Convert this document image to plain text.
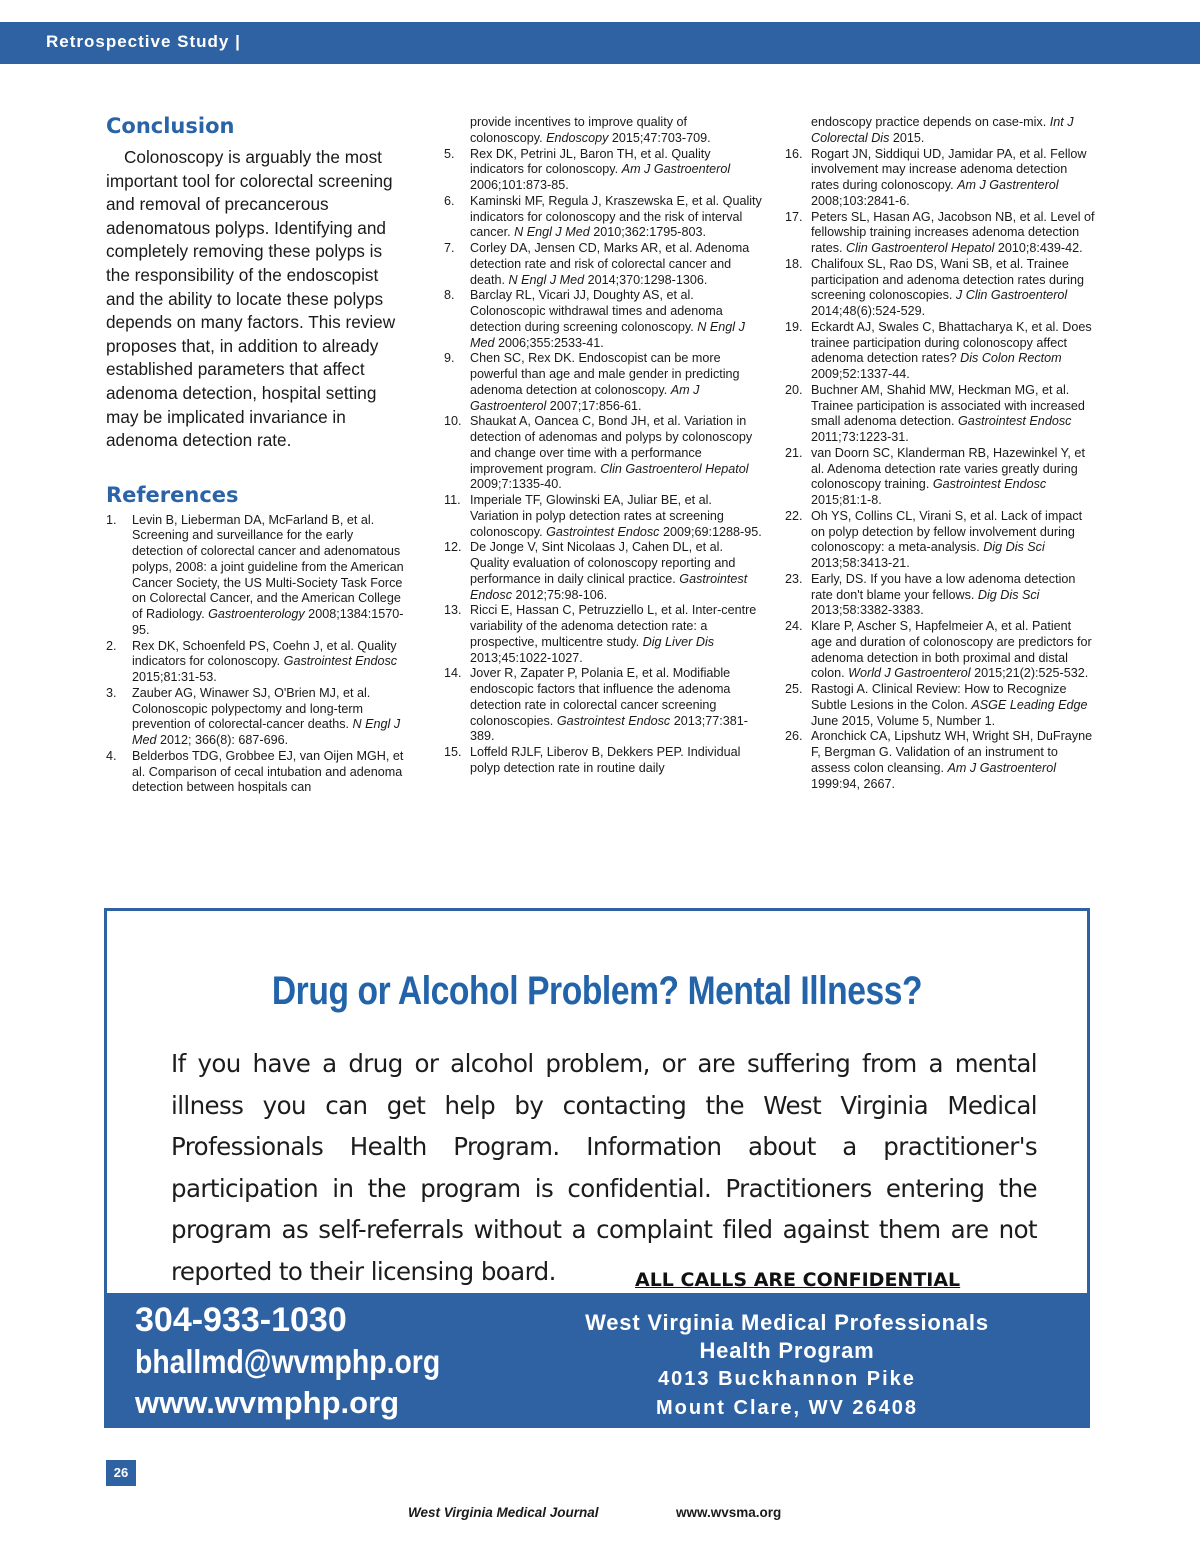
Retrospective Study |
Conclusion

Colonoscopy is arguably the most important tool for colorectal screening and removal of precancerous adenomatous polyps. Identifying and completely removing these polyps is the responsibility of the endoscopist and the ability to locate these polyps depends on many factors. This review proposes that, in addition to already established parameters that affect adenoma detection, hospital setting may be implicated invariance in adenoma detection rate.

References
1.	Levin B, Lieberman DA, McFarland B, et al. Screening and surveillance for the early detection of colorectal cancer and adenomatous polyps, 2008: a joint guideline from the American Cancer Society, the US Multi-Society Task Force on Colorectal Cancer, and the American College of Radiology. Gastroenterology 2008;1384:1570-95.
2.	Rex DK, Schoenfeld PS, Coehn J, et al. Quality indicators for colonoscopy. Gastrointest Endosc 2015;81:31-53.
3.	Zauber AG, Winawer SJ, O'Brien MJ, et al. Colonoscopic polypectomy and long-term prevention of colorectal-cancer deaths. N Engl J Med 2012; 366(8): 687-696.
4.	Belderbos TDG, Grobbee EJ, van Oijen MGH, et al. Comparison of cecal intubation and adenoma detection between hospitals can
provide incentives to improve quality of colonoscopy. Endoscopy 2015;47:703-709.
5.	Rex DK, Petrini JL, Baron TH, et al. Quality indicators for colonoscopy. Am J Gastroenterol 2006;101:873-85.
6.	Kaminski MF, Regula J, Kraszewska E, et al. Quality indicators for colonoscopy and the risk of interval cancer. N Engl J Med 2010;362:1795-803.
7.	Corley DA, Jensen CD, Marks AR, et al. Adenoma detection rate and risk of colorectal cancer and death. N Engl J Med 2014;370:1298-1306.
8.	Barclay RL, Vicari JJ, Doughty AS, et al. Colonoscopic withdrawal times and adenoma detection during screening colonoscopy. N Engl J Med 2006;355:2533-41.
9.	Chen SC, Rex DK. Endoscopist can be more powerful than age and male gender in predicting adenoma detection at colonoscopy. Am J Gastroenterol 2007;17:856-61.
10. Shaukat A, Oancea C, Bond JH, et al. Variation in detection of adenomas and polyps by colonoscopy and change over time with a performance improvement program. Clin Gastroenterol Hepatol 2009;7:1335-40.
11. Imperiale TF, Glowinski EA, Juliar BE, et al. Variation in polyp detection rates at screening colonoscopy. Gastrointest Endosc 2009;69:1288-95.
12. De Jonge V, Sint Nicolaas J, Cahen DL, et al. Quality evaluation of colonoscopy reporting and performance in daily clinical practice. Gastrointest Endosc 2012;75:98-106.
13. Ricci E, Hassan C, Petruzziello L, et al. Inter-centre variability of the adenoma detection rate: a prospective, multicentre study. Dig Liver Dis 2013;45:1022-1027.
14. Jover R, Zapater P, Polania E, et al. Modifiable endoscopic factors that influence the adenoma detection rate in colorectal cancer screening colonoscopies. Gastrointest Endosc 2013;77:381-389.
15. Loffeld RJLF, Liberov B, Dekkers PEP. Individual polyp detection rate in routine daily
endoscopy practice depends on case-mix. Int J Colorectal Dis 2015.
16. Rogart JN, Siddiqui UD, Jamidar PA, et al. Fellow involvement may increase adenoma detection rates during colonoscopy. Am J Gastrenterol 2008;103:2841-6.
17. Peters SL, Hasan AG, Jacobson NB, et al. Level of fellowship training increases adenoma detection rates. Clin Gastroenterol Hepatol 2010;8:439-42.
18. Chalifoux SL, Rao DS, Wani SB, et al. Trainee participation and adenoma detection rates during screening colonoscopies. J Clin Gastroenterol 2014;48(6):524-529.
19. Eckardt AJ, Swales C, Bhattacharya K, et al. Does trainee participation during colonoscopy affect adenoma detection rates? Dis Colon Rectom 2009;52:1337-44.
20. Buchner AM, Shahid MW, Heckman MG, et al. Trainee participation is associated with increased small adenoma detection. Gastrointest Endosc 2011;73:1223-31.
21. van Doorn SC, Klanderman RB, Hazewinkel Y, et al. Adenoma detection rate varies greatly during colonoscopy training. Gastrointest Endosc 2015;81:1-8.
22. Oh YS, Collins CL, Virani S, et al. Lack of impact on polyp detection by fellow involvement during colonoscopy: a meta-analysis. Dig Dis Sci 2013;58:3413-21.
23. Early, DS. If you have a low adenoma detection rate don't blame your fellows. Dig Dis Sci 2013;58:3382-3383.
24. Klare P, Ascher S, Hapfelmeier A, et al. Patient age and duration of colonoscopy are predictors for adenoma detection in both proximal and distal colon. World J Gastroenterol 2015;21(2):525-532.
25. Rastogi A. Clinical Review: How to Recognize Subtle Lesions in the Colon. ASGE Leading Edge June 2015, Volume 5, Number 1.
26. Aronchick CA, Lipshutz WH, Wright SH, DuFrayne F, Bergman G. Validation of an instrument to assess colon cleansing. Am J Gastroenterol 1999:94, 2667.
Drug or Alcohol Problem? Mental Illness?
If you have a drug or alcohol problem, or are suffering from a mental illness you can get help by contacting the West Virginia Medical Professionals Health Program. Information about a practitioner's participation in the program is confidential. Practitioners entering the program as self-referrals without a complaint filed against them are not reported to their licensing board.	ALL CALLS ARE CONFIDENTIAL
304-933-1030
bhallmd@wvmphp.org
www.wvmphp.org
West Virginia Medical Professionals
Health Program
4013 Buckhannon Pike
Mount Clare, WV 26408
26
West Virginia Medical Journal	www.wvsma.org
